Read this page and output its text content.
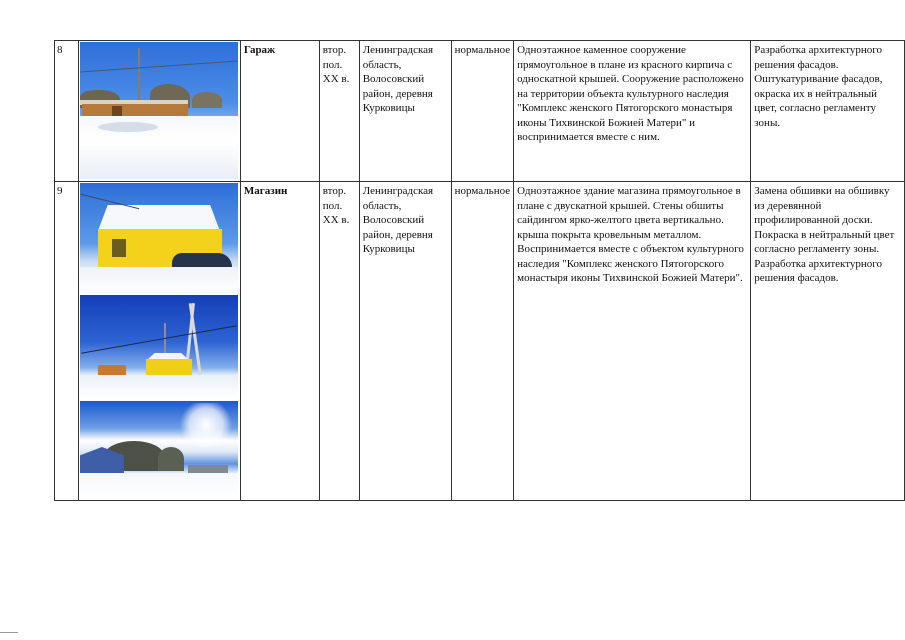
8		Гараж	втор. пол. XX в.	Ленинградская область, Волосовский район, деревня Курковицы	нормальное	Одноэтажное каменное сооружение прямоугольное в плане из красного кирпича с односкатной крышей. Сооружение расположено на территории объекта культурного наследия "Комплекс женского Пятогорского монастыря иконы Тихвинской Божией Матери" и воспринимается вместе с ним.	Разработка архитектурного решения фасадов. Оштукатуривание фасадов, окраска их в нейтральный цвет, согласно регламенту зоны.
9		Магазин	втор. пол. XX в.	Ленинградская область, Волосовский район, деревня Курковицы	нормальное	Одноэтажное здание магазина прямоугольное в плане с двускатной крышей. Стены обшиты сайдингом ярко-желтого цвета вертикально. крыша покрыта кровельным металлом. Воспринимается вместе с объектом культурного наследия "Комплекс женского Пятогорского монастыря иконы Тихвинской Божией Матери".	Замена обшивки на обшивку из деревянной профилированной доски. Покраска в нейтральный цвет согласно регламенту зоны. Разработка архитектурного решения фасадов.
